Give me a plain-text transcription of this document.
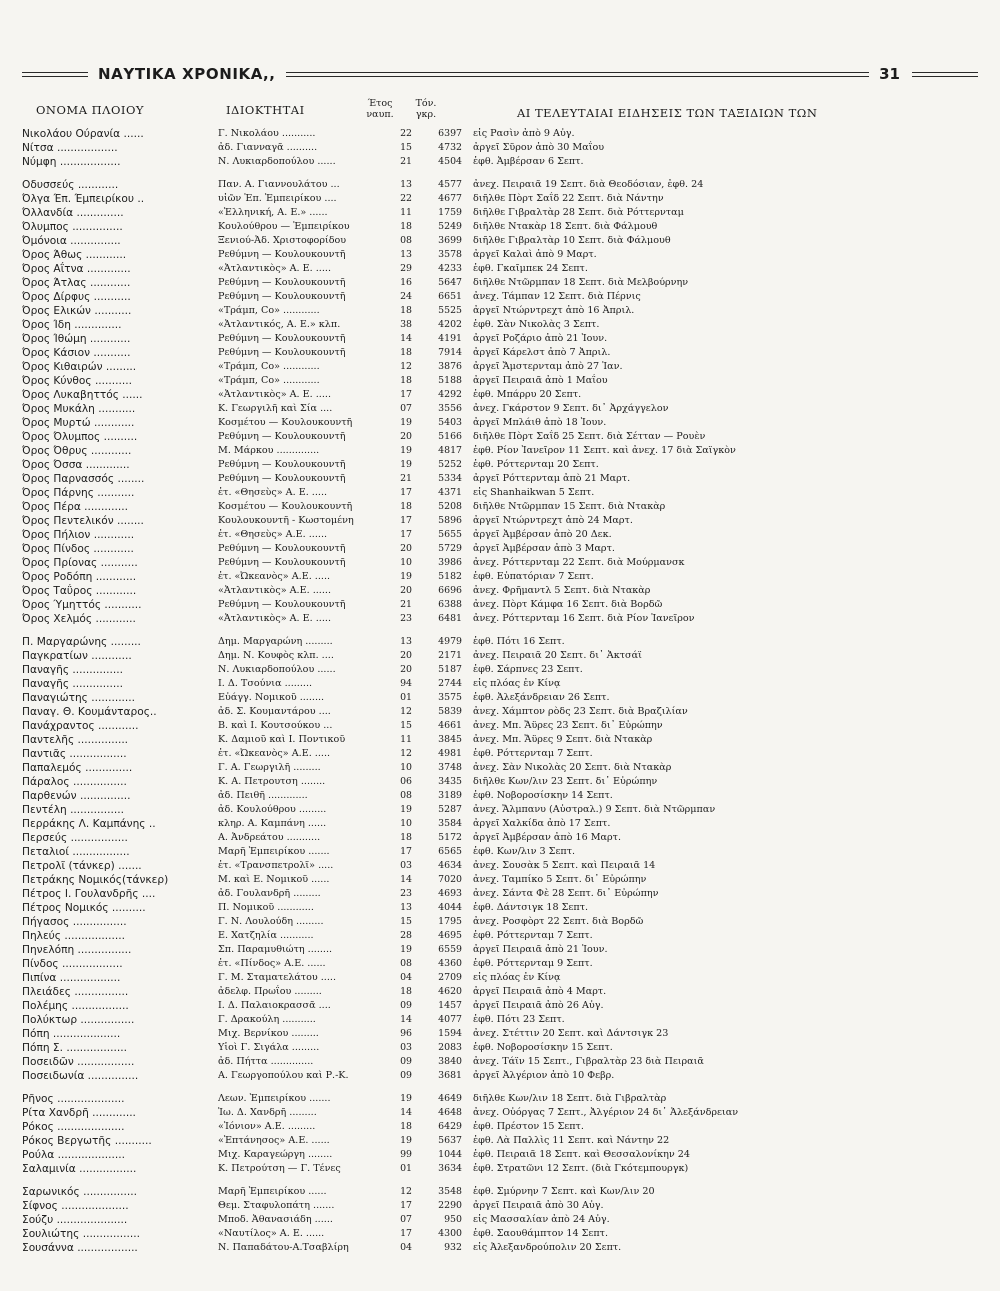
ΝΑΥΤΙΚΑ ΧΡΟΝΙΚΑ,,	31
ΟΝΟΜΑ ΠΛΟΙΟΥ	ΙΔΙΟΚΤΗΤΑΙ	Έτος
ναυπ.
Τόν.
γκρ.	ΑΙ ΤΕΛΕΥΤΑΙΑΙ ΕΙΔΗΣΕΙΣ ΤΩΝ ΤΑΞΙΔΙΩΝ ΤΩΝ
Νικολάου Ούρανία ......	Γ. Νικολάου ...........	22	6397 εἰς Ρασὶν ἀπὸ 9 Αὐγ.
Νίτσα ..................	ἀδ. Γιανναγᾶ ..........	15	4732 ἀργεῖ Σῦρον ἀπὸ 30 Μαΐου
Νύμφη ..................	Ν. Λυκιαρδοπούλου ......	21	4504 ἐφθ. Ἀμβέρσαν 6 Σεπτ.
Οδυσσεύς ............	Παν. Α. Γιαννουλάτου ...	13	4577 ἀνεχ. Πειραιᾶ 19 Σεπτ. διὰ Θεοδόσιαν, ἐφθ. 24
Όλγα Έπ. Έμπειρίκου ..	υἱῶν Ἐπ. Ἐμπειρίκου ....	22	4677 διῆλθε Πὸρτ Σαΐδ 22 Σεπτ. διὰ Νάντην
Όλλανδία ..............	«Ἑλληνική, Α. Ε.» ......	11	1759 διῆλθε Γιβραλτὰρ 28 Σεπτ. διὰ Ρόττερνταμ
Όλυμπος ...............	Κουλούθρου — Ἐμπειρίκου	18	5249 διῆλθε Ντακὰρ 18 Σεπτ. διὰ Φάλμουθ
Όμόνοια ...............	Ξενιού-Ἀδ. Χριστοφορίδου	08	3699 διῆλθε Γιβραλτὰρ 10 Σεπτ. διὰ Φάλμουθ
Όρος Άθως ............	Ρεθύμνη — Κουλουκουντῆ	13	3578 ἀργεῖ Καλαὶ ἀπὸ 9 Μαρτ.
Όρος Αΐτνα .............	«Ἀτλαντικὸς» Α. Ε. .....	29	4233 ἐφθ. Γκαῖμπεκ 24 Σεπτ.
Όρος Άτλας ............	Ρεθύμνη — Κουλουκουντῆ	16	5647 διῆλθε Ντῶρμπαν 18 Σεπτ. διὰ Μελβούρνην
Όρος Δίρφυς ...........	Ρεθύμνη — Κουλουκουντῆ	24	6651 ἀνεχ. Τάμπαν 12 Σεπτ. διὰ Πέρνις
Όρος Ελικών ...........	«Τράμπ, Co» ............	18	5525 ἀργεῖ Ντώρντρεχτ ἀπὸ 16 Ἀπριλ.
Όρος Ίδη ..............	«Ἀτλαντικός, Α. Ε.» κλπ.	38	4202 ἐφθ. Σὰν Νικολὰς 3 Σεπτ.
Όρος Ίθώμη ............	Ρεθύμνη — Κουλουκουντῆ	14	4191 ἀργεῖ Ροζάριο ἀπὸ 21 Ἰουν.
Όρος Κάσιον ...........	Ρεθύμνη — Κουλουκουντῆ	18	7914 ἀργεῖ Κάρελστ ἀπὸ 7 Ἀπριλ.
Όρος Κιθαιρών .........	«Τράμπ, Co» ............	12	3876 ἀργεῖ Ἄμστερνταμ ἀπὸ 27 Ἰαν.
Όρος Κύνθος ...........	«Τράμπ, Co» ............	18	5188 ἀργεῖ Πειραιᾶ ἀπὸ 1 Μαΐου
Όρος Λυκαβηττός ......	«Ἀτλαντικὸς» Α. Ε. .....	17	4292 ἐφθ. Μπάρρυ 20 Σεπτ.
Όρος Μυκάλη ...........	Κ. Γεωργιλῆ καὶ Σία ....	07	3556 ἀνεχ. Γκάρστον 9 Σεπτ. δι᾽ Ἀρχάγγελον
Όρος Μυρτώ ............	Κοσμέτου — Κουλουκουντῆ	19	5403 ἀργεῖ Μπλάιθ ἀπὸ 18 Ἰουν.
Όρος Όλυμπος ..........	Ρεθύμνη — Κουλουκουντῆ	20	5166 διῆλθε Πὸρτ Σαΐδ 25 Σεπτ. διὰ Σέτταν — Ρουὲν
Όρος Όθρυς ............	Μ. Μάρκου ..............	19	4817 ἐφθ. Ρίον Ἰανεῖρον 11 Σεπτ. καὶ ἀνεχ. 17 διὰ Σαϊγκὸν
Όρος Όσσα .............	Ρεθύμνη — Κουλουκουντῆ	19	5252 ἐφθ. Ρόττερνταμ 20 Σεπτ.
Όρος Παρνασσός ........	Ρεθύμνη — Κουλουκουντῆ	21	5334 ἀργεῖ Ρόττερνταμ ἀπὸ 21 Μαρτ.
Όρος Πάρνης ...........	ἐτ. «Θησεὺς» Α. Ε. .....	17	4371 εἰς Shanhaikwan 5 Σεπτ.
Όρος Πέρα .............	Κοσμέτου — Κουλουκουντῆ	18	5208 διῆλθε Ντῶρμπαν 15 Σεπτ. διὰ Ντακὰρ
Όρος Πεντελικόν ........	Κουλουκουντῆ - Κωστομένη	17	5896 ἀργεῖ Ντώρντρεχτ ἀπὸ 24 Μαρτ.
Όρος Πήλιον ............	ἐτ. «Θησεὺς» Α.Ε. ......	17	5655 ἀργεῖ Ἀμβέρσαν ἀπὸ 20 Δεκ.
Όρος Πίνδος ............	Ρεθύμνη — Κουλουκουντῆ	20	5729 ἀργεῖ Ἀμβέρσαν ἀπὸ 3 Μαρτ.
Όρος Πρίονας ...........	Ρεθύμνη — Κουλουκουντῆ	10	3986 ἀνεχ. Ρόττερνταμ 22 Σεπτ. διὰ Μούρμανσκ
Όρος Ροδόπη ............	ἐτ. «Ὠκεανὸς» Α.Ε. .....	19	5182 ἐφθ. Εὐπατόριαν 7 Σεπτ.
Όρος Ταΰρος ............	«Ἀτλαντικὸς» Α.Ε. ......	20	6696 ἀνεχ. Φρῆμαντλ 5 Σεπτ. διὰ Ντακὰρ
Όρος Ύμηττός ...........	Ρεθύμνη — Κουλουκουντῆ	21	6388 ἀνεχ. Πὸρτ Κάμφα 16 Σεπτ. διὰ Βορδῶ
Όρος Χελμός ............	«Ἀτλαντικὸς» Α. Ε. .....	23	6481 ἀνεχ. Ρόττερνταμ 16 Σεπτ. διὰ Ρίον Ἰανεῖρον
Π. Μαργαρώνης .........	Δημ. Μαργαρώνη .........	13	4979 ἐφθ. Πότι 16 Σεπτ.
Παγκρατίων ............	Δημ. Ν. Κουφὸς κλπ. ....	20	2171 ἀνεχ. Πειραιᾶ 20 Σεπτ. δι᾽ Ἀκτσάϊ
Παναγῆς ...............	Ν. Λυκιαρδοπούλου ......	20	5187 ἐφθ. Σάρπνες 23 Σεπτ.
Παναγῆς ...............	Ι. Δ. Τσούνια .........	94	2744 εἰς πλόας ἐν Κίνᾳ
Παναγιώτης .............	Εὐάγγ. Νομικοῦ ........	01	3575 ἐφθ. Ἀλεξάνδρειαν 26 Σεπτ.
Παναγ. Θ. Κουμάνταρος..	ἀδ. Σ. Κουμαντάρου ....	12	5839 ἀνεχ. Χάμπτον ρὸδς 23 Σεπτ. διὰ Βραζιλίαν
Πανάχραντος ............	Β. καὶ Ι. Κουτσούκου ...	15	4661 ἀνεχ. Μπ. Ἄϋρες 23 Σεπτ. δι᾽ Εὐρώπην
Παντελῆς ...............	Κ. Δαμιοῦ καὶ Ι. Ποντικοῦ	11	3845 ἀνεχ. Μπ. Ἄϋρες 9 Σεπτ. διὰ Ντακὰρ
Παντιᾶς .................	ἐτ. «Ὠκεανὸς» Α.Ε. .....	12	4981 ἐφθ. Ρόττερνταμ 7 Σεπτ.
Παπαλεμός ..............	Γ. Α. Γεωργιλῆ .........	10	3748 ἀνεχ. Σὰν Νικολὰς 20 Σεπτ. διὰ Ντακὰρ
Πάραλος ................	Κ. Α. Πετρουτση ........	06	3435 διῆλθε Κων/λιν 23 Σεπτ. δι᾽ Εὐρώπην
Παρθενών ...............	ἀδ. Πειθῆ .............	08	3189 ἐφθ. Νοβοροσίσκην 14 Σεπτ.
Πεντέλη ................	ἀδ. Κουλούθρου .........	19	5287 ἀνεχ. Ἄλμπανυ (Αὐστραλ.) 9 Σεπτ. διὰ Ντῶρμπαν
Περράκης Λ. Καμπάνης ..	κληρ. Α. Καμπάνη ......	10	3584 ἀργεῖ Χαλκίδα ἀπὸ 17 Σεπτ.
Περσεύς .................	Α. Ἀνδρεάτου ...........	18	5172 ἀργεῖ Ἀμβέρσαν ἀπὸ 16 Μαρτ.
Πεταλιοί .................	Μαρῆ Ἐμπειρίκου .......	17	6565 ἐφθ. Κων/λιν 3 Σεπτ.
Πετρολῖ (τάνκερ) .......	ἐτ. «Τρανσπετρολῖ» .....	03	4634 ἀνεχ. Σουσὰκ 5 Σεπτ. καὶ Πειραιᾶ 14
Πετράκης Νομικός(τάνκερ)	Μ. καὶ Ε. Νομικοῦ ......	14	7020 ἀνεχ. Ταμπίκο 5 Σεπτ. δι᾽ Εὐρώπην
Πέτρος Ι. Γουλανδρῆς ....	ἀδ. Γουλανδρῆ .........	23	4693 ἀνεχ. Σάντα Φὲ 28 Σεπτ. δι᾽ Εὐρώπην
Πέτρος Νομικός ..........	Π. Νομικοῦ ............	13	4044 ἐφθ. Δάντσιγκ 18 Σεπτ.
Πήγασος ................	Γ. Ν. Λουλούδη .........	15	1795 ἀνεχ. Ροσφὸρτ 22 Σεπτ. διὰ Βορδῶ
Πηλεύς ..................	Ε. Χατζηλία ...........	28	4695 ἐφθ. Ρόττερνταμ 7 Σεπτ.
Πηνελόπη ................	Σπ. Παραμυθιώτη ........	19	6559 ἀργεῖ Πειραιᾶ ἀπὸ 21 Ἰουν.
Πίνδος ..................	ἐτ. «Πίνδος» Α.Ε. ......	08	4360 ἐφθ. Ρόττερνταμ 9 Σεπτ.
Πιπίνα ..................	Γ. Μ. Σταματελάτου .....	04	2709 εἰς πλόας ἐν Κίνᾳ
Πλειάδες ................	ἀδελφ. Πρωΐου .........	18	4620 ἀργεῖ Πειραιᾶ ἀπὸ 4 Μαρτ.
Πολέμης .................	Ι. Δ. Παλαιοκρασσᾶ ....	09	1457 ἀργεῖ Πειραιᾶ ἀπὸ 26 Αὐγ.
Πολύκτωρ ................	Γ. Δρακούλη ...........	14	4077 ἐφθ. Πότι 23 Σεπτ.
Πόπη ....................	Μιχ. Βερνίκου .........	96	1594 ἀνεχ. Στέττιν 20 Σεπτ. καὶ Δάντσιγκ 23
Πόπη Σ. ..................	Υἱοὶ Γ. Σιγάλα .........	03	2083 ἐφθ. Νοβοροσίσκην 15 Σεπτ.
Ποσειδῶν .................	ἀδ. Πήττα ..............	09	3840 ἀνεχ. Τάϊν 15 Σεπτ., Γιβραλτὰρ 23 διὰ Πειραιᾶ
Ποσειδωνία ...............	Α. Γεωργοπούλου καὶ Ρ.-Κ.	09	3681 ἀργεῖ Ἀλγέριον ἀπὸ 10 Φεβρ.
Ρῆνος ....................	Λεων. Ἐμπειρίκου .......	19	4649 διῆλθε Κων/λιν 18 Σεπτ. διὰ Γιβραλτὰρ
Ρίτα Χανδρῆ .............	Ἰω. Δ. Χανδρῆ .........	14	4648 ἀνεχ. Οὐόργας 7 Σεπτ., Ἀλγέριον 24 δι᾽ Ἀλεξάνδρειαν
Ρόκος ....................	«Ἰόνιον» Α.Ε. .........	18	6429 ἐφθ. Πρέστον 15 Σεπτ.
Ρόκος Βεργωτῆς ...........	«Ἐπτάνησος» Α.Ε. ......	19	5637 ἐφθ. Λὰ Παλλὶς 11 Σεπτ. καὶ Νάντην 22
Ρούλα ....................	Μιχ. Καραγεώργη ........	99	1044 ἐφθ. Πειραιᾶ 18 Σεπτ. καὶ Θεσσαλονίκην 24
Σαλαμινία .................	Κ. Πετρούτση — Γ. Τένες	01	3634 ἐφθ. Στρατῶνι 12 Σεπτ. (διὰ Γκότεμπουργκ)
Σαρωνικός ................	Μαρῆ Ἐμπειρίκου ......	12	3548 ἐφθ. Σμύρνην 7 Σεπτ. καὶ Κων/λιν 20
Σίφνος ....................	Θεμ. Σταφυλοπάτη .......	17	2290 ἀργεῖ Πειραιᾶ ἀπὸ 30 Αὐγ.
Σούζυ .....................	Μποδ. Ἀθανασιάδη ......	07	950 εἰς Μασσαλίαν ἀπὸ 24 Αὐγ.
Σουλιώτης .................	«Ναυτίλος» Α. Ε. ......	17	4300 ἐφθ. Σαουθάμπτον 14 Σεπτ.
Σουσάννα ..................	Ν. Παπαδάτου-Α.Τσαβλίρη	04	932 εἰς Ἀλεξανδρούπολιν 20 Σεπτ.
